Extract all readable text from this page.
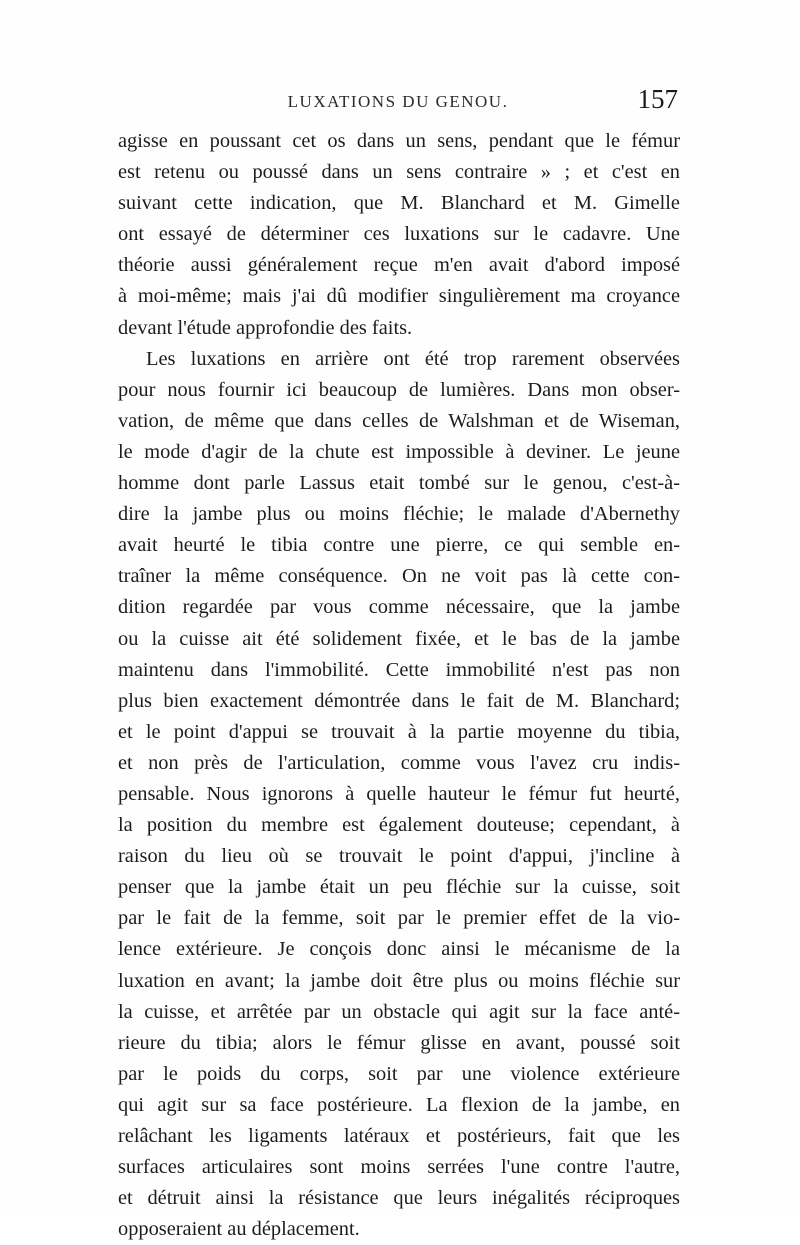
LUXATIONS DU GENOU.	157
agisse en poussant cet os dans un sens, pendant que le fémur
est retenu ou poussé dans un sens contraire » ; et c'est en
suivant cette indication, que M. Blanchard et M. Gimelle
ont essayé de déterminer ces luxations sur le cadavre. Une
théorie aussi généralement reçue m'en avait d'abord imposé
à moi-même; mais j'ai dû modifier singulièrement ma croyance
devant l'étude approfondie des faits.
Les luxations en arrière ont été trop rarement observées
pour nous fournir ici beaucoup de lumières. Dans mon obser-
vation, de même que dans celles de Walshman et de Wiseman,
le mode d'agir de la chute est impossible à deviner. Le jeune
homme dont parle Lassus etait tombé sur le genou, c'est-à-
dire la jambe plus ou moins fléchie; le malade d'Abernethy
avait heurté le tibia contre une pierre, ce qui semble en-
traîner la même conséquence. On ne voit pas là cette con-
dition regardée par vous comme nécessaire, que la jambe
ou la cuisse ait été solidement fixée, et le bas de la jambe
maintenu dans l'immobilité. Cette immobilité n'est pas non
plus bien exactement démontrée dans le fait de M. Blanchard;
et le point d'appui se trouvait à la partie moyenne du tibia,
et non près de l'articulation, comme vous l'avez cru indis-
pensable. Nous ignorons à quelle hauteur le fémur fut heurté,
la position du membre est également douteuse; cependant, à
raison du lieu où se trouvait le point d'appui, j'incline à
penser que la jambe était un peu fléchie sur la cuisse, soit
par le fait de la femme, soit par le premier effet de la vio-
lence extérieure. Je conçois donc ainsi le mécanisme de la
luxation en avant; la jambe doit être plus ou moins fléchie sur
la cuisse, et arrêtée par un obstacle qui agit sur la face anté-
rieure du tibia; alors le fémur glisse en avant, poussé soit
par le poids du corps, soit par une violence extérieure
qui agit sur sa face postérieure. La flexion de la jambe, en
relâchant les ligaments latéraux et postérieurs, fait que les
surfaces articulaires sont moins serrées l'une contre l'autre,
et détruit ainsi la résistance que leurs inégalités réciproques
opposeraient au déplacement.
